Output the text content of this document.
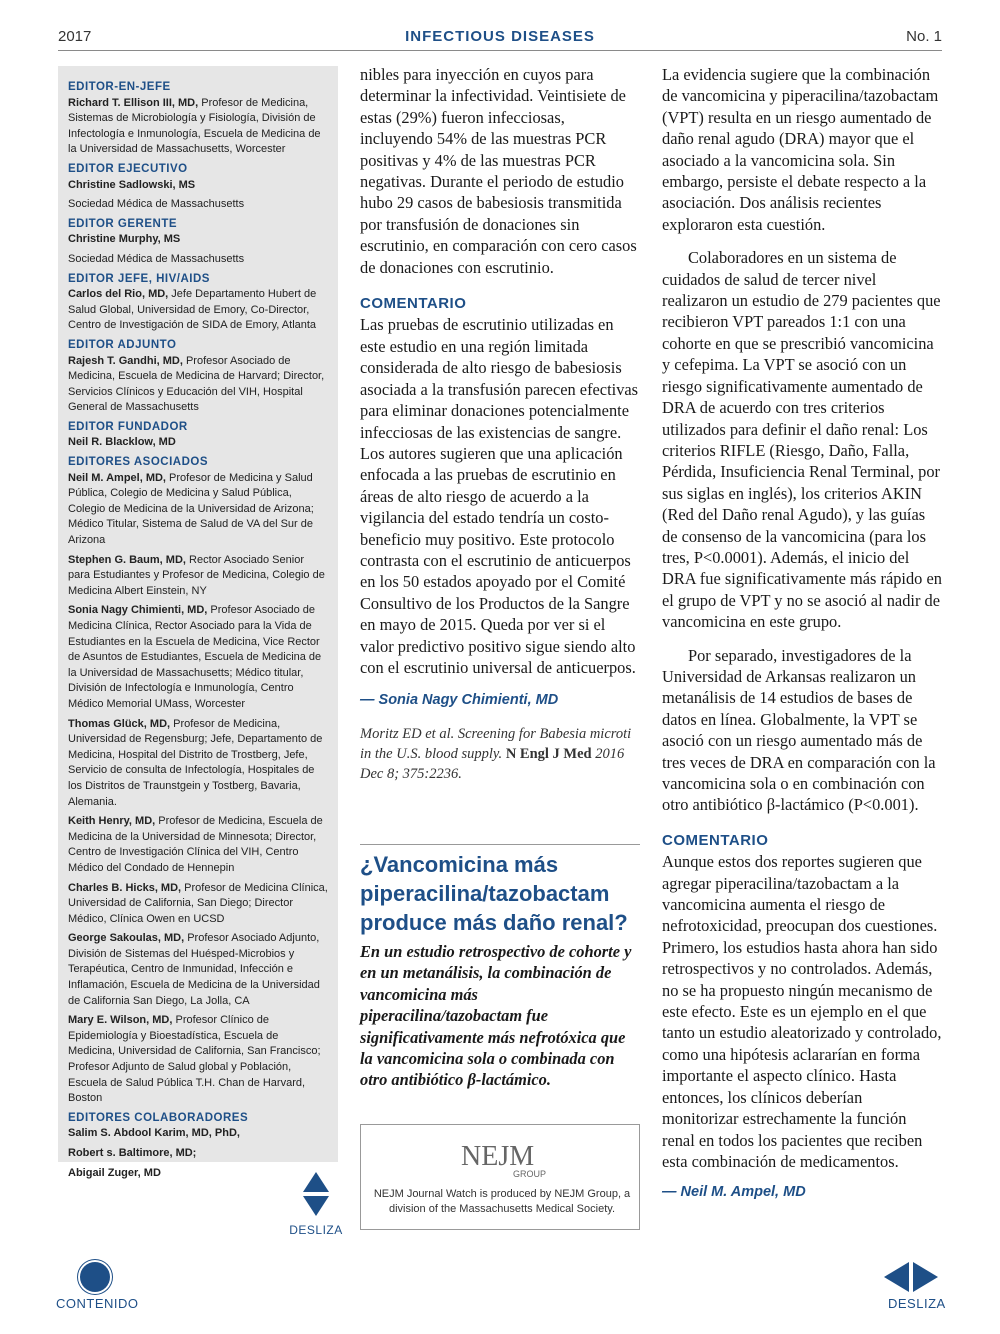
2017	INFECTIOUS DISEASES	No. 1
EDITOR-EN-JEFE
Richard T. Ellison III, MD, Profesor de Medicina, Sistemas de Microbiología y Fisiología, División de Infectología e Inmunología, Escuela de Medicina de la Universidad de Massachusetts, Worcester
EDITOR EJECUTIVO
Christine Sadlowski, MS
Sociedad Médica de Massachusetts
EDITOR GERENTE
Christine Murphy, MS
Sociedad Médica de Massachusetts
EDITOR JEFE, HIV/AIDS
Carlos del Rio, MD, Jefe Departamento Hubert de Salud Global, Universidad de Emory, Co-Director, Centro de Investigación de SIDA de Emory, Atlanta
EDITOR ADJUNTO
Rajesh T. Gandhi, MD, Profesor Asociado de Medicina, Escuela de Medicina de Harvard; Director, Servicios Clínicos y Educación del VIH, Hospital General de Massachusetts
EDITOR FUNDADOR
Neil R. Blacklow, MD
EDITORES ASOCIADOS
Neil M. Ampel, MD, Profesor de Medicina y Salud Pública, Colegio de Medicina y Salud Pública, Colegio de Medicina de la Universidad de Arizona; Médico Titular, Sistema de Salud de VA del Sur de Arizona
Stephen G. Baum, MD, Rector Asociado Senior para Estudiantes y Profesor de Medicina, Colegio de Medicina Albert Einstein, NY
Sonia Nagy Chimienti, MD, Profesor Asociado de Medicina Clínica, Rector Asociado para la Vida de Estudiantes en la Escuela de Medicina, Vice Rector de Asuntos de Estudiantes, Escuela de Medicina de la Universidad de Massachusetts; Médico titular, División de Infectología e Inmunología, Centro Médico Memorial UMass, Worcester
Thomas Glück, MD, Profesor de Medicina, Universidad de Regensburg; Jefe, Departamento de Medicina, Hospital del Distrito de Trostberg, Jefe, Servicio de consulta de Infectología, Hospitales de los Distritos de Traunstgein y Tostberg, Bavaria, Alemania.
Keith Henry, MD, Profesor de Medicina, Escuela de Medicina de la Universidad de Minnesota; Director, Centro de Investigación Clínica del VIH, Centro Médico del Condado de Hennepin
Charles B. Hicks, MD, Profesor de Medicina Clínica, Universidad de California, San Diego; Director Médico, Clínica Owen en UCSD
George Sakoulas, MD, Profesor Asociado Adjunto, División de Sistemas del Huésped-Microbios y Terapéutica, Centro de Inmunidad, Infección e Inflamación, Escuela de Medicina de la Universidad de California San Diego, La Jolla, CA
Mary E. Wilson, MD, Profesor Clínico de Epidemiología y Bioestadística, Escuela de Medicina, Universidad de California, San Francisco; Profesor Adjunto de Salud global y Población, Escuela de Salud Pública T.H. Chan de Harvard, Boston
EDITORES COLABORADORES
Salim S. Abdool Karim, MD, PhD,
Robert s. Baltimore, MD;
Abigail Zuger, MD

nibles para inyección en cuyos para determinar la infectividad. Veintisiete de estas (29%) fueron infecciosas, incluyendo 54% de las muestras PCR positivas y 4% de las muestras PCR negativas. Durante el periodo de estudio hubo 29 casos de babesiosis transmitida por transfusión de donaciones sin escrutinio, en comparación con cero casos de donaciones con escrutinio.

COMENTARIO

Las pruebas de escrutinio utilizadas en este estudio en una región limitada considerada de alto riesgo de babesiosis asociada a la transfusión parecen efectivas para eliminar donaciones potencialmente infecciosas de las existencias de sangre. Los autores sugieren que una aplicación enfocada a las pruebas de escrutinio en áreas de alto riesgo de acuerdo a la vigilancia del estado tendría un costo-beneficio muy positivo. Este protocolo contrasta con el escrutinio de anticuerpos en los 50 estados apoyado por el Comité Consultivo de los Productos de la Sangre en mayo de 2015. Queda por ver si el valor predictivo positivo sigue siendo alto con el escrutinio universal de anticuerpos.

— Sonia Nagy Chimienti, MD

Moritz ED et al. Screening for Babesia microti in the U.S. blood supply. N Engl J Med 2016 Dec 8; 375:2236.

¿Vancomicina más piperacilina/tazobactam produce más daño renal?

En un estudio retrospectivo de cohorte y en un metanálisis, la combinación de vancomicina más piperacilina/tazobactam fue significativamente más nefrotóxica que la vancomicina sola o combinada con otro antibiótico β-lactámico.

NEJM
GROUP
NEJM Journal Watch is produced by NEJM Group, a division of the Massachusetts Medical Society.

La evidencia sugiere que la combinación de vancomicina y piperacilina/tazobactam (VPT) resulta en un riesgo aumentado de daño renal agudo (DRA) mayor que el asociado a la vancomicina sola. Sin embargo, persiste el debate respecto a la asociación. Dos análisis recientes exploraron esta cuestión.

Colaboradores en un sistema de cuidados de salud de tercer nivel realizaron un estudio de 279 pacientes que recibieron VPT pareados 1:1 con una cohorte en que se prescribió vancomicina y cefepima. La VPT se asoció con un riesgo significativamente aumentado de DRA de acuerdo con tres criterios utilizados para definir el daño renal: Los criterios RIFLE (Riesgo, Daño, Falla, Pérdida, Insuficiencia Renal Terminal, por sus siglas en inglés), los criterios AKIN (Red del Daño renal Agudo), y las guías de consenso de la vancomicina (para los tres, P<0.0001). Además, el inicio del DRA fue significativamente más rápido en el grupo de VPT y no se asoció al nadir de vancomicina en este grupo.

Por separado, investigadores de la Universidad de Arkansas realizaron un metanálisis de 14 estudios de bases de datos en línea. Globalmente, la VPT se asoció con un riesgo aumentado más de tres veces de DRA en comparación con la vancomicina sola o en combinación con otro antibiótico β-lactámico (P<0.001).

COMENTARIO

Aunque estos dos reportes sugieren que agregar piperacilina/tazobactam a la vancomicina aumenta el riesgo de nefrotoxicidad, preocupan dos cuestiones. Primero, los estudios hasta ahora han sido retrospectivos y no controlados. Además, no se ha propuesto ningún mecanismo de este efecto. Este es un ejemplo en el que tanto un estudio aleatorizado y controlado, como una hipótesis aclararían en forma importante el aspecto clínico. Hasta entonces, los clínicos deberían monitorizar estrechamente la función renal en todos los pacientes que reciben esta combinación de medicamentos.

— Neil M. Ampel, MD

DESLIZA
CONTENIDO	DESLIZA
